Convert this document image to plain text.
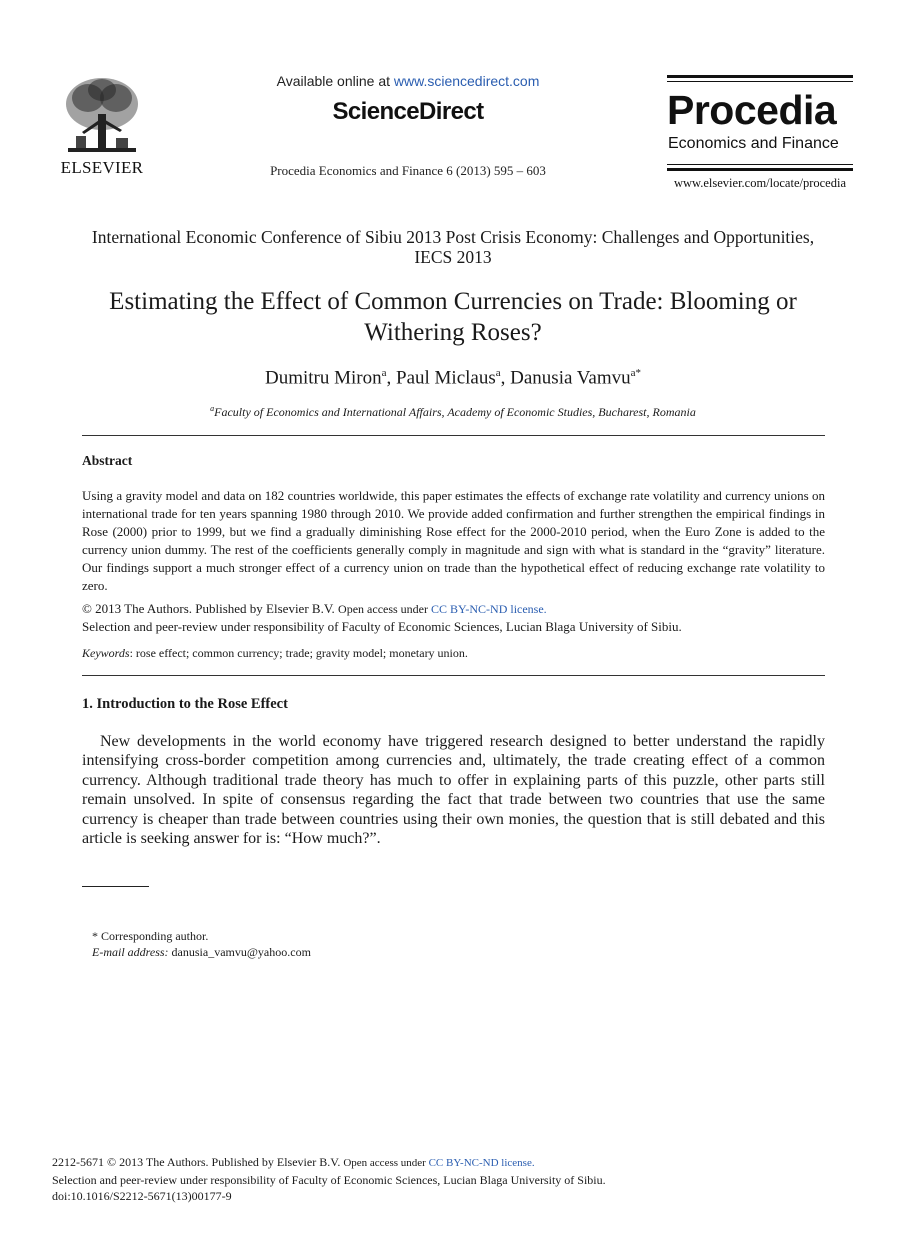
ELSEVIER
Available online at www.sciencedirect.com
ScienceDirect
Procedia Economics and Finance 6 (2013) 595 – 603
Procedia
Economics and Finance
www.elsevier.com/locate/procedia
International Economic Conference of Sibiu 2013 Post Crisis Economy: Challenges and Opportunities, IECS 2013
Estimating the Effect of Common Currencies on Trade: Blooming or Withering Roses?
Dumitru Miron$^a$, Paul Miclaus$^a$, Danusia Vamvu$^{a*}$
$^a$Faculty of Economics and International Affairs, Academy of Economic Studies, Bucharest, Romania
Abstract
Using a gravity model and data on 182 countries worldwide, this paper estimates the effects of exchange rate volatility and currency unions on international trade for ten years spanning 1980 through 2010. We provide added confirmation and further strengthen the empirical findings in Rose (2000) prior to 1999, but we find a gradually diminishing Rose effect for the 2000-2010 period, when the Euro Zone is added to the currency union dummy. The rest of the coefficients generally comply in magnitude and sign with what is standard in the “gravity” literature. Our findings support a much stronger effect of a currency union on trade than the hypothetical effect of reducing exchange rate volatility to zero.
© 2013 The Authors. Published by Elsevier B.V. Open access under CC BY-NC-ND license.
Selection and peer-review under responsibility of Faculty of Economic Sciences, Lucian Blaga University of Sibiu.
Keywords: rose effect; common currency; trade; gravity model; monetary union.
1. Introduction to the Rose Effect
New developments in the world economy have triggered research designed to better understand the rapidly intensifying cross-border competition among currencies and, ultimately, the trade creating effect of a common currency. Although traditional trade theory has much to offer in explaining parts of this puzzle, other parts still remain unsolved. In spite of consensus regarding the fact that trade between two countries that use the same currency is cheaper than trade between countries using their own monies, the question that is still debated and this article is seeking answer for is: “How much?”.
* Corresponding author.
E-mail address: danusia_vamvu@yahoo.com
2212-5671 © 2013 The Authors. Published by Elsevier B.V. Open access under CC BY-NC-ND license.
Selection and peer-review under responsibility of Faculty of Economic Sciences, Lucian Blaga University of Sibiu.
doi:10.1016/S2212-5671(13)00177-9
